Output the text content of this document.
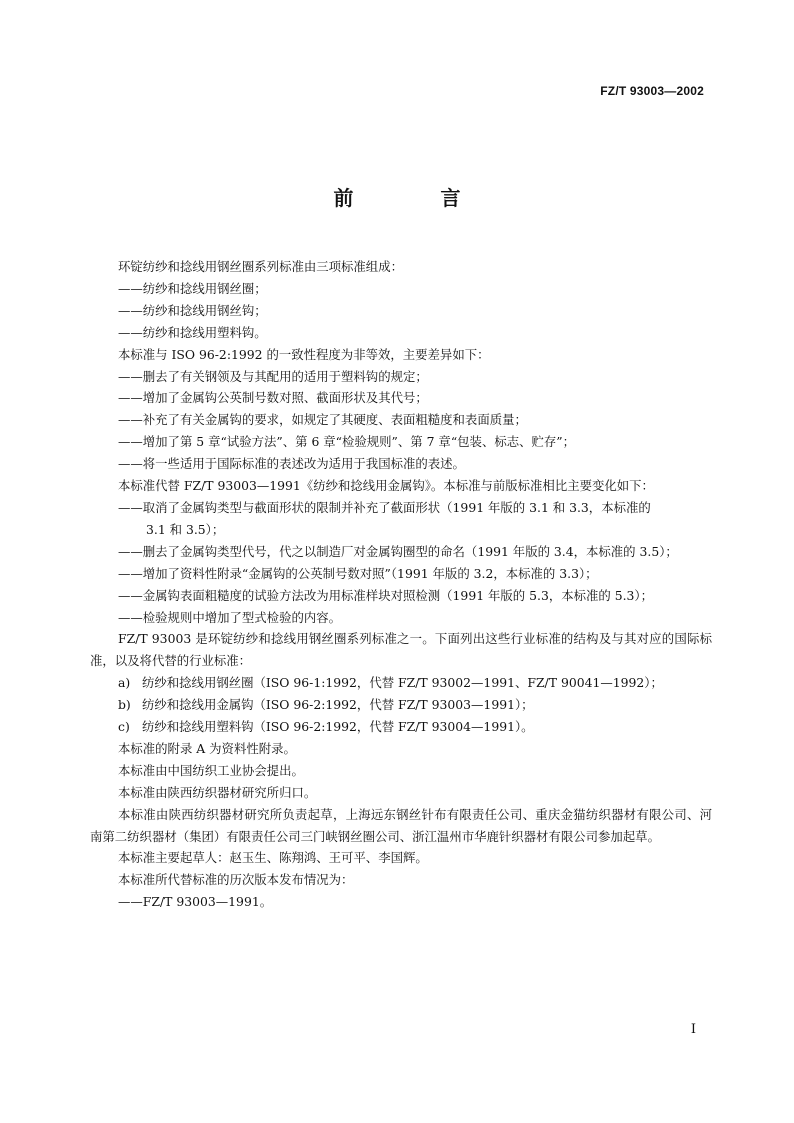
FZ/T 93003—2002
前 言

环锭纺纱和捻线用钢丝圈系列标准由三项标准组成：

——纺纱和捻线用钢丝圈；

——纺纱和捻线用钢丝钩；

——纺纱和捻线用塑料钩。

本标准与 ISO 96-2:1992 的一致性程度为非等效，主要差异如下：

——删去了有关钢领及与其配用的适用于塑料钩的规定；

——增加了金属钩公英制号数对照、截面形状及其代号；

——补充了有关金属钩的要求，如规定了其硬度、表面粗糙度和表面质量；

——增加了第 5 章“试验方法”、第 6 章“检验规则”、第 7 章“包装、标志、贮存”；

——将一些适用于国际标准的表述改为适用于我国标准的表述。

本标准代替 FZ/T 93003—1991《纺纱和捻线用金属钩》。本标准与前版标准相比主要变化如下：

——取消了金属钩类型与截面形状的限制并补充了截面形状（1991 年版的 3.1 和 3.3，本标准的

3.1 和 3.5）；

——删去了金属钩类型代号，代之以制造厂对金属钩圈型的命名（1991 年版的 3.4，本标准的 3.5）；

——增加了资料性附录“金属钩的公英制号数对照”（1991 年版的 3.2，本标准的 3.3）；

——金属钩表面粗糙度的试验方法改为用标准样块对照检测（1991 年版的 5.3，本标准的 5.3）；

——检验规则中增加了型式检验的内容。

FZ/T 93003 是环锭纺纱和捻线用钢丝圈系列标准之一。下面列出这些行业标准的结构及与其对应的国际标准，以及将代替的行业标准：

a) 纺纱和捻线用钢丝圈（ISO 96-1:1992，代替 FZ/T 93002—1991、FZ/T 90041—1992）；

b) 纺纱和捻线用金属钩（ISO 96-2:1992，代替 FZ/T 93003—1991）；

c) 纺纱和捻线用塑料钩（ISO 96-2:1992，代替 FZ/T 93004—1991）。

本标准的附录 A 为资料性附录。

本标准由中国纺织工业协会提出。

本标准由陕西纺织器材研究所归口。

本标准由陕西纺织器材研究所负责起草，上海远东钢丝针布有限责任公司、重庆金猫纺织器材有限公司、河南第二纺织器材（集团）有限责任公司三门峡钢丝圈公司、浙江温州市华鹿针织器材有限公司参加起草。

本标准主要起草人：赵玉生、陈翔鸿、王可平、李国辉。

本标准所代替标准的历次版本发布情况为：

——FZ/T 93003—1991。

I
